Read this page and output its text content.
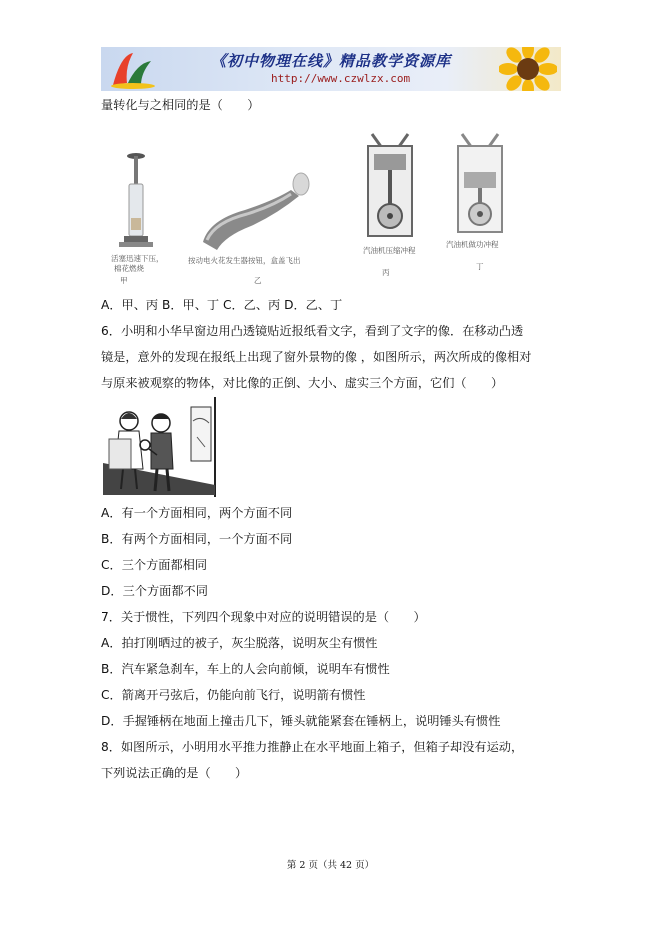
《初中物理在线》精品教学资源库
http://www.czwlzx.com
量转化与之相同的是（　　）
活塞迅速下压，
棉花燃烧
甲
按动电火花发生器按钮，盒盖飞出
乙
汽油机压缩冲程
丙
汽油机做功冲程
丁
A．甲、丙 B．甲、丁 C．乙、丙 D．乙、丁
6．小明和小华早窗边用凸透镜贴近报纸看文字，看到了文字的像．在移动凸透
镜是，意外的发现在报纸上出现了窗外景物的像 ，如图所示，两次所成的像相对
与原来被观察的物体，对比像的正倒、大小、虚实三个方面，它们（　　）
A．有一个方面相同，两个方面不同
B．有两个方面相同，一个方面不同
C．三个方面都相同
D．三个方面都不同
7．关于惯性，下列四个现象中对应的说明错误的是（　　）
A．拍打刚晒过的被子，灰尘脱落，说明灰尘有惯性
B．汽车紧急刹车，车上的人会向前倾，说明车有惯性
C．箭离开弓弦后，仍能向前飞行，说明箭有惯性
D．手握锤柄在地面上撞击几下，锤头就能紧套在锤柄上，说明锤头有惯性
8．如图所示，小明用水平推力推静止在水平地面上箱子，但箱子却没有运动，
下列说法正确的是（　　）
第 2 页（共 42 页）
